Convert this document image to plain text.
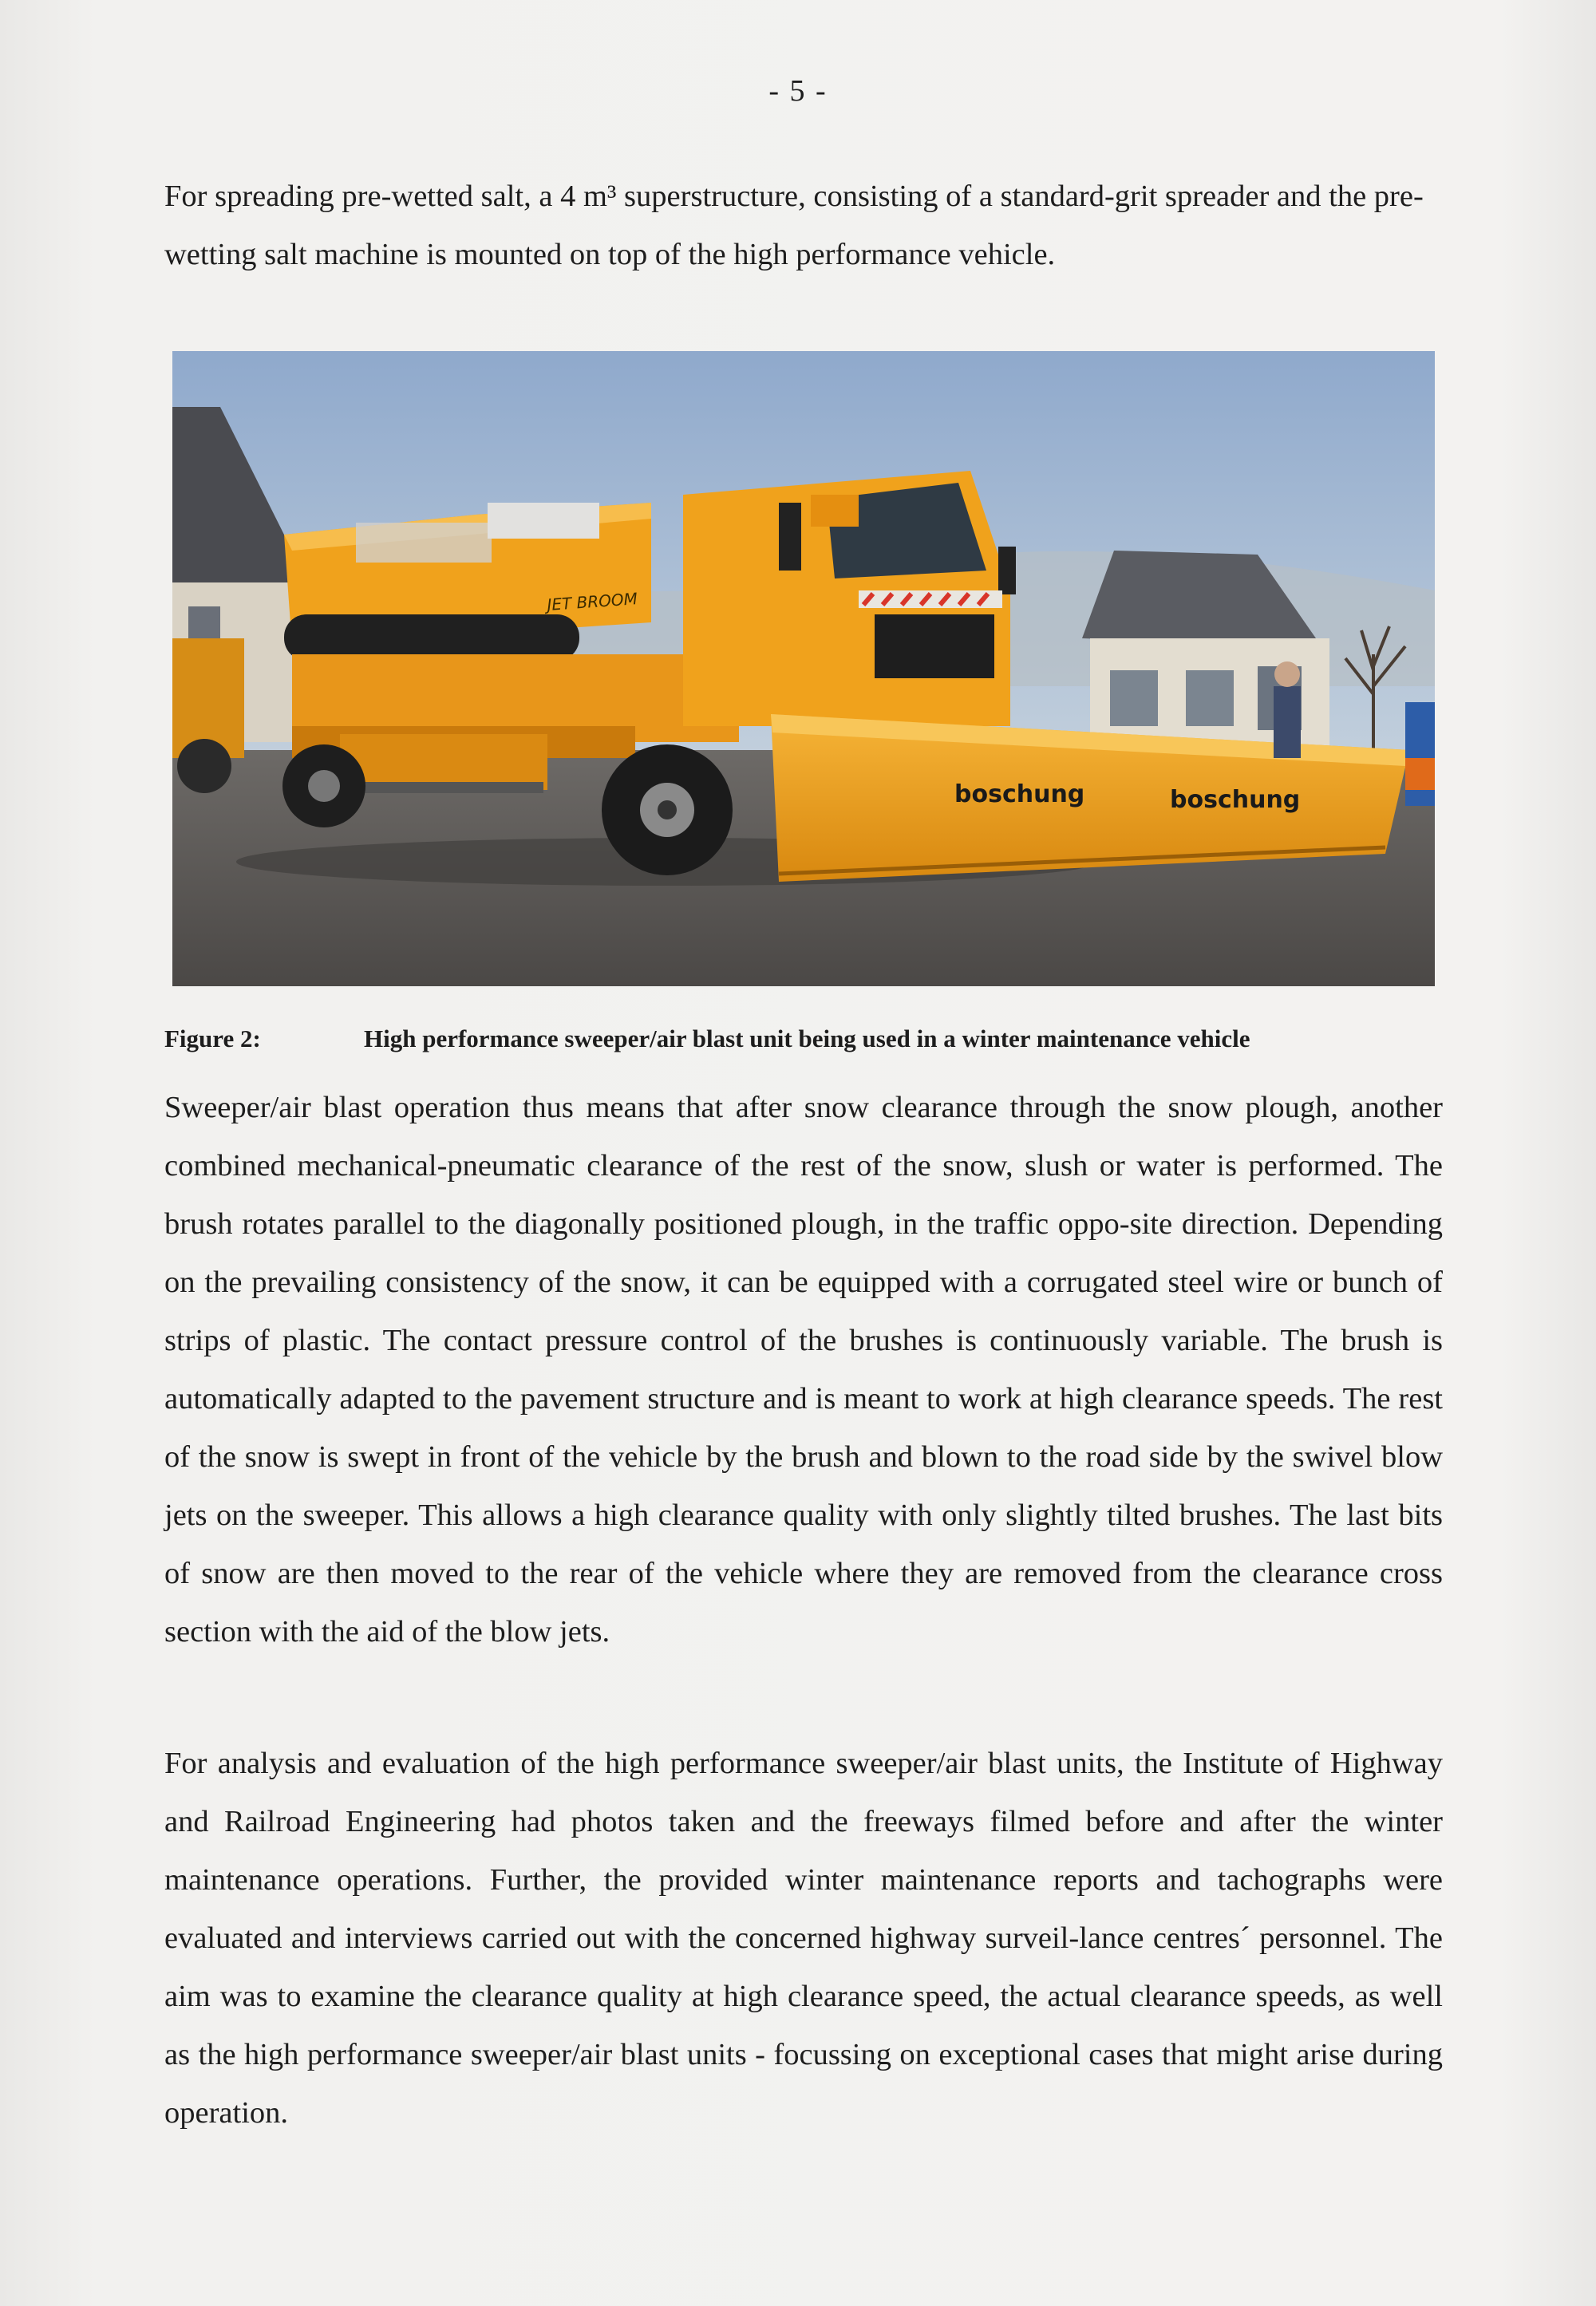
- 5 -

For spreading pre-wetted salt, a 4 m³ superstructure, consisting of a standard-grit spreader and the pre-wetting salt machine is mounted on top of the high performance vehicle.

JET BROOM
boschung	boschung
Figure 2:	High performance sweeper/air blast unit being used in a winter maintenance vehicle

Sweeper/air blast operation thus means that after snow clearance through the snow plough, another combined mechanical-pneumatic clearance of the rest of the snow, slush or water is performed. The brush rotates parallel to the diagonally positioned plough, in the traffic oppo-site direction. Depending on the prevailing consistency of the snow, it can be equipped with a corrugated steel wire or bunch of strips of plastic. The contact pressure control of the brushes is continuously variable. The brush is automatically adapted to the pavement structure and is meant to work at high clearance speeds. The rest of the snow is swept in front of the vehicle by the brush and blown to the road side by the swivel blow jets on the sweeper. This allows a high clearance quality with only slightly tilted brushes. The last bits of snow are then moved to the rear of the vehicle where they are removed from the clearance cross section with the aid of the blow jets.

For analysis and evaluation of the high performance sweeper/air blast units, the Institute of Highway and Railroad Engineering had photos taken and the freeways filmed before and after the winter maintenance operations. Further, the provided winter maintenance reports and tachographs were evaluated and interviews carried out with the concerned highway surveil-lance centres´ personnel. The aim was to examine the clearance quality at high clearance speed, the actual clearance speeds, as well as the high performance sweeper/air blast units - focussing on exceptional cases that might arise during operation.
